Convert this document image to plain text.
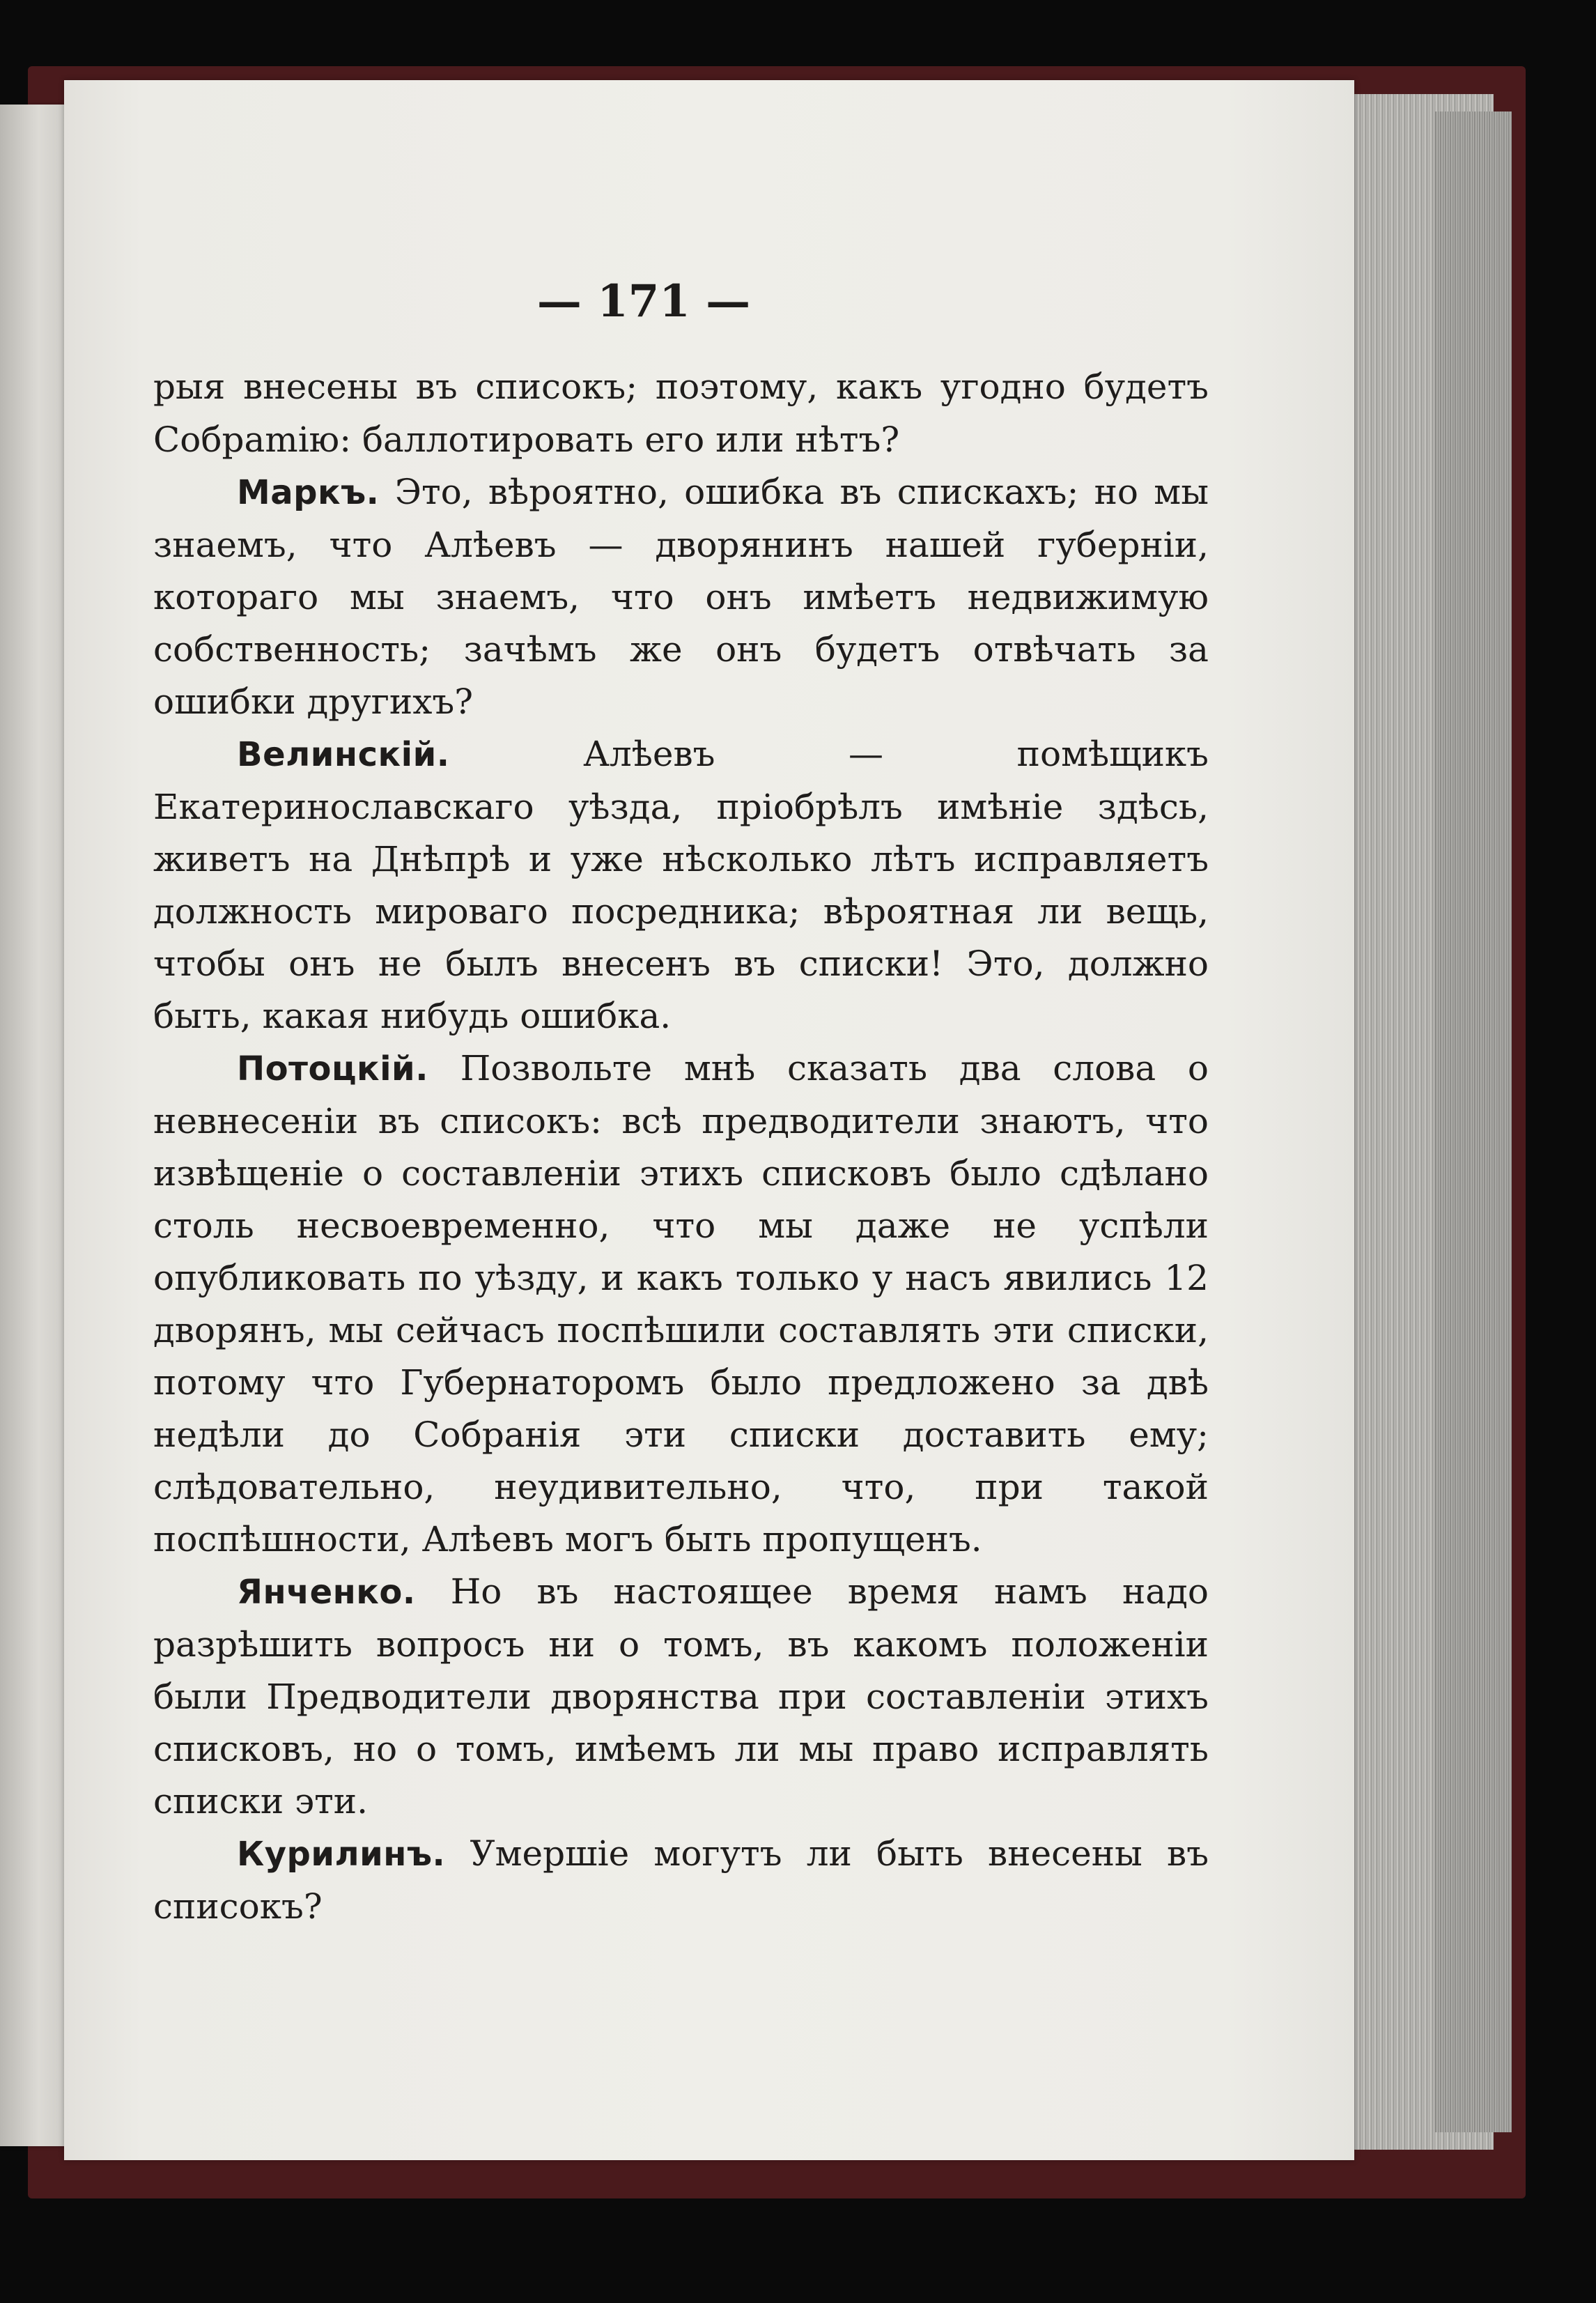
— 171 —

рыя внесены въ списокъ; поэтому, какъ угодно будетъ Собраmiю: баллотировать его или нѣтъ?

Маркъ. Это, вѣроятно, ошибка въ спискахъ; но мы знаемъ, что Алѣевъ — дворянинъ нашей губернiи, котораго мы знаемъ, что онъ имѣетъ недвижимую собственность; зачѣмъ же онъ будетъ отвѣчать за ошибки другихъ?

Велинскiй.	Алѣевъ — помѣщикъ Екатеринославскаго уѣзда, прiобрѣлъ имѣнiе здѣсь, живетъ на Днѣпрѣ и уже нѣсколько лѣтъ исправляетъ должность мироваго посредника; вѣроятная ли вещь, чтобы онъ не былъ внесенъ въ списки! Это, должно быть, какая нибудь ошибка.

Потоцкiй. Позвольте мнѣ сказать два слова о невнесенiи въ списокъ: всѣ предводители знаютъ, что извѣщенiе о составленiи этихъ списковъ было сдѣлано столь несвоевременно, что мы даже не успѣли опубликовать по уѣзду, и какъ только у насъ явились 12 дворянъ, мы сейчасъ поспѣшили составлять эти списки, потому что Губернаторомъ было предложено за двѣ недѣли до Собранiя эти списки доставить ему; слѣдовательно, неудивительно, что, при такой поспѣшности, Алѣевъ могъ быть пропущенъ.

Янченко. Но въ настоящее время намъ надо разрѣшить вопросъ ни о томъ, въ какомъ положенiи были Предводители дворянства при составленiи этихъ списковъ, но о томъ, имѣемъ ли мы право исправлять списки эти.

Курилинъ. Умершiе могутъ ли быть внесены въ списокъ?
